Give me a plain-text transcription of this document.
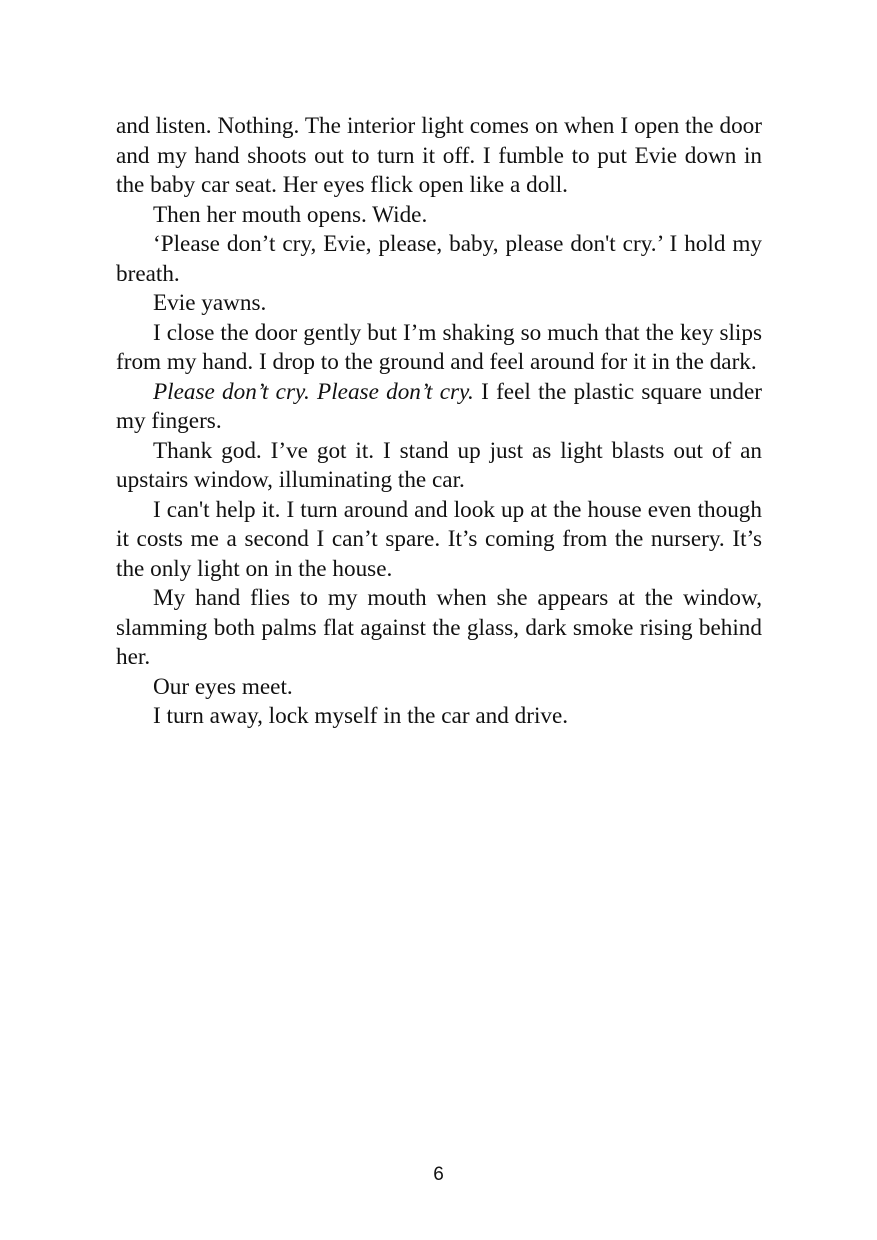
and listen. Nothing. The interior light comes on when I open the door and my hand shoots out to turn it off. I fumble to put Evie down in the baby car seat. Her eyes flick open like a doll.

Then her mouth opens. Wide.

‘Please don’t cry, Evie, please, baby, please don't cry.’ I hold my breath.

Evie yawns.

I close the door gently but I’m shaking so much that the key slips from my hand. I drop to the ground and feel around for it in the dark.

Please don’t cry. Please don’t cry. I feel the plastic square under my fingers.

Thank god. I’ve got it. I stand up just as light blasts out of an upstairs window, illuminating the car.

I can't help it. I turn around and look up at the house even though it costs me a second I can’t spare. It’s coming from the nursery. It’s the only light on in the house.

My hand flies to my mouth when she appears at the window, slamming both palms flat against the glass, dark smoke rising behind her.

Our eyes meet.

I turn away, lock myself in the car and drive.

6
